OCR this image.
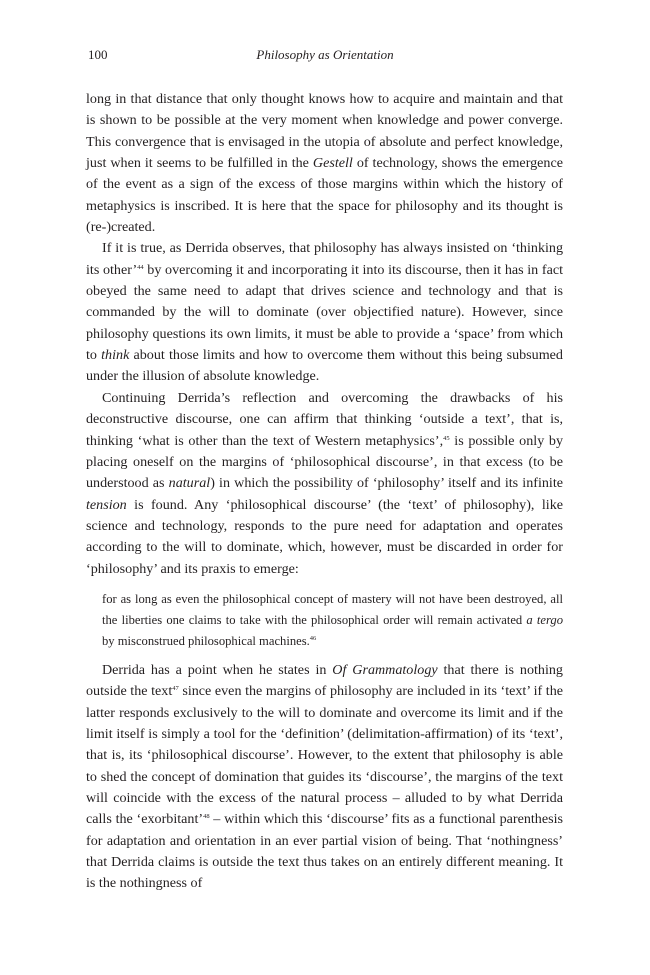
100	Philosophy as Orientation

long in that distance that only thought knows how to acquire and maintain and that is shown to be possible at the very moment when knowledge and power converge. This convergence that is envisaged in the utopia of absolute and perfect knowledge, just when it seems to be fulfilled in the Gestell of technology, shows the emergence of the event as a sign of the excess of those margins within which the history of metaphysics is inscribed. It is here that the space for philosophy and its thought is (re-)created.

If it is true, as Derrida observes, that philosophy has always insisted on ‘thinking its other’$^{44}$ by overcoming it and incorporating it into its discourse, then it has in fact obeyed the same need to adapt that drives science and technology and that is commanded by the will to dominate (over objectified nature). However, since philosophy questions its own limits, it must be able to provide a ‘space’ from which to think about those limits and how to overcome them without this being subsumed under the illusion of absolute knowledge.

Continuing Derrida’s reflection and overcoming the drawbacks of his deconstructive discourse, one can affirm that thinking ‘outside a text’, that is, thinking ‘what is other than the text of Western metaphysics’,$^{45}$ is possible only by placing oneself on the margins of ‘philosophical discourse’, in that excess (to be understood as natural) in which the possibility of ‘philosophy’ itself and its infinite tension is found. Any ‘philosophical discourse’ (the ‘text’ of philosophy), like science and technology, responds to the pure need for adaptation and operates according to the will to dominate, which, however, must be discarded in order for ‘philosophy’ and its praxis to emerge:

for as long as even the philosophical concept of mastery will not have been destroyed, all the liberties one claims to take with the philosophical order will remain activated a tergo by misconstrued philosophical machines.$^{46}$

Derrida has a point when he states in Of Grammatology that there is nothing outside the text$^{47}$ since even the margins of philosophy are included in its ‘text’ if the latter responds exclusively to the will to dominate and overcome its limit and if the limit itself is simply a tool for the ‘definition’ (delimitation-affirmation) of its ‘text’, that is, its ‘philosophical discourse’. However, to the extent that philosophy is able to shed the concept of domination that guides its ‘discourse’, the margins of the text will coincide with the excess of the natural process – alluded to by what Derrida calls the ‘exorbitant’$^{48}$ – within which this ‘discourse’ fits as a functional parenthesis for adaptation and orientation in an ever partial vision of being. That ‘nothingness’ that Derrida claims is outside the text thus takes on an entirely different meaning. It is the nothingness of
